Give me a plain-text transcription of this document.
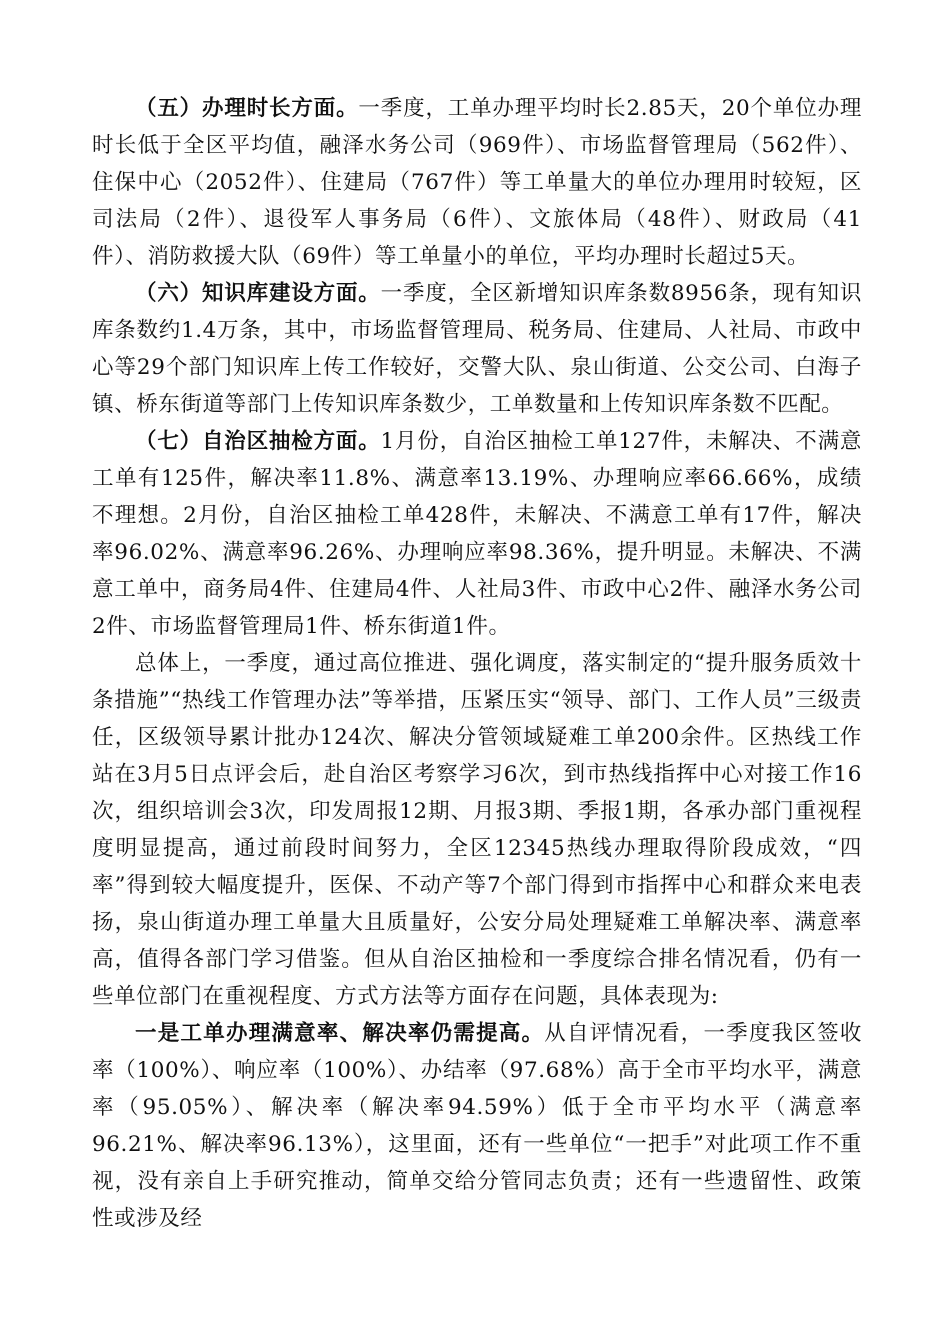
（五）办理时长方面。一季度，工单办理平均时长2.85天，20个单位办理时长低于全区平均值，融泽水务公司（969件）、市场监督管理局（562件）、住保中心（2052件）、住建局（767件）等工单量大的单位办理用时较短，区司法局（2件）、退役军人事务局（6件）、文旅体局（48件）、财政局（41件）、消防救援大队（69件）等工单量小的单位，平均办理时长超过5天。

（六）知识库建设方面。一季度，全区新增知识库条数8956条，现有知识库条数约1.4万条，其中，市场监督管理局、税务局、住建局、人社局、市政中心等29个部门知识库上传工作较好，交警大队、泉山街道、公交公司、白海子镇、桥东街道等部门上传知识库条数少，工单数量和上传知识库条数不匹配。

（七）自治区抽检方面。1月份，自治区抽检工单127件，未解决、不满意工单有125件，解决率11.8%、满意率13.19%、办理响应率66.66%，成绩不理想。2月份，自治区抽检工单428件，未解决、不满意工单有17件，解决率96.02%、满意率96.26%、办理响应率98.36%，提升明显。未解决、不满意工单中，商务局4件、住建局4件、人社局3件、市政中心2件、融泽水务公司2件、市场监督管理局1件、桥东街道1件。

总体上，一季度，通过高位推进、强化调度，落实制定的“提升服务质效十条措施”“热线工作管理办法”等举措，压紧压实“领导、部门、工作人员”三级责任，区级领导累计批办124次、解决分管领域疑难工单200余件。区热线工作站在3月5日点评会后，赴自治区考察学习6次，到市热线指挥中心对接工作16次，组织培训会3次，印发周报12期、月报3期、季报1期，各承办部门重视程度明显提高，通过前段时间努力，全区12345热线办理取得阶段成效，“四率”得到较大幅度提升，医保、不动产等7个部门得到市指挥中心和群众来电表扬，泉山街道办理工单量大且质量好，公安分局处理疑难工单解决率、满意率高，值得各部门学习借鉴。但从自治区抽检和一季度综合排名情况看，仍有一些单位部门在重视程度、方式方法等方面存在问题，具体表现为:

一是工单办理满意率、解决率仍需提高。从自评情况看，一季度我区签收率（100%）、响应率（100%）、办结率（97.68%）高于全市平均水平，满意率（95.05%）、解决率（解决率94.59%）低于全市平均水平（满意率96.21%、解决率96.13%），这里面，还有一些单位“一把手”对此项工作不重视，没有亲自上手研究推动，简单交给分管同志负责；还有一些遗留性、政策性或涉及经
